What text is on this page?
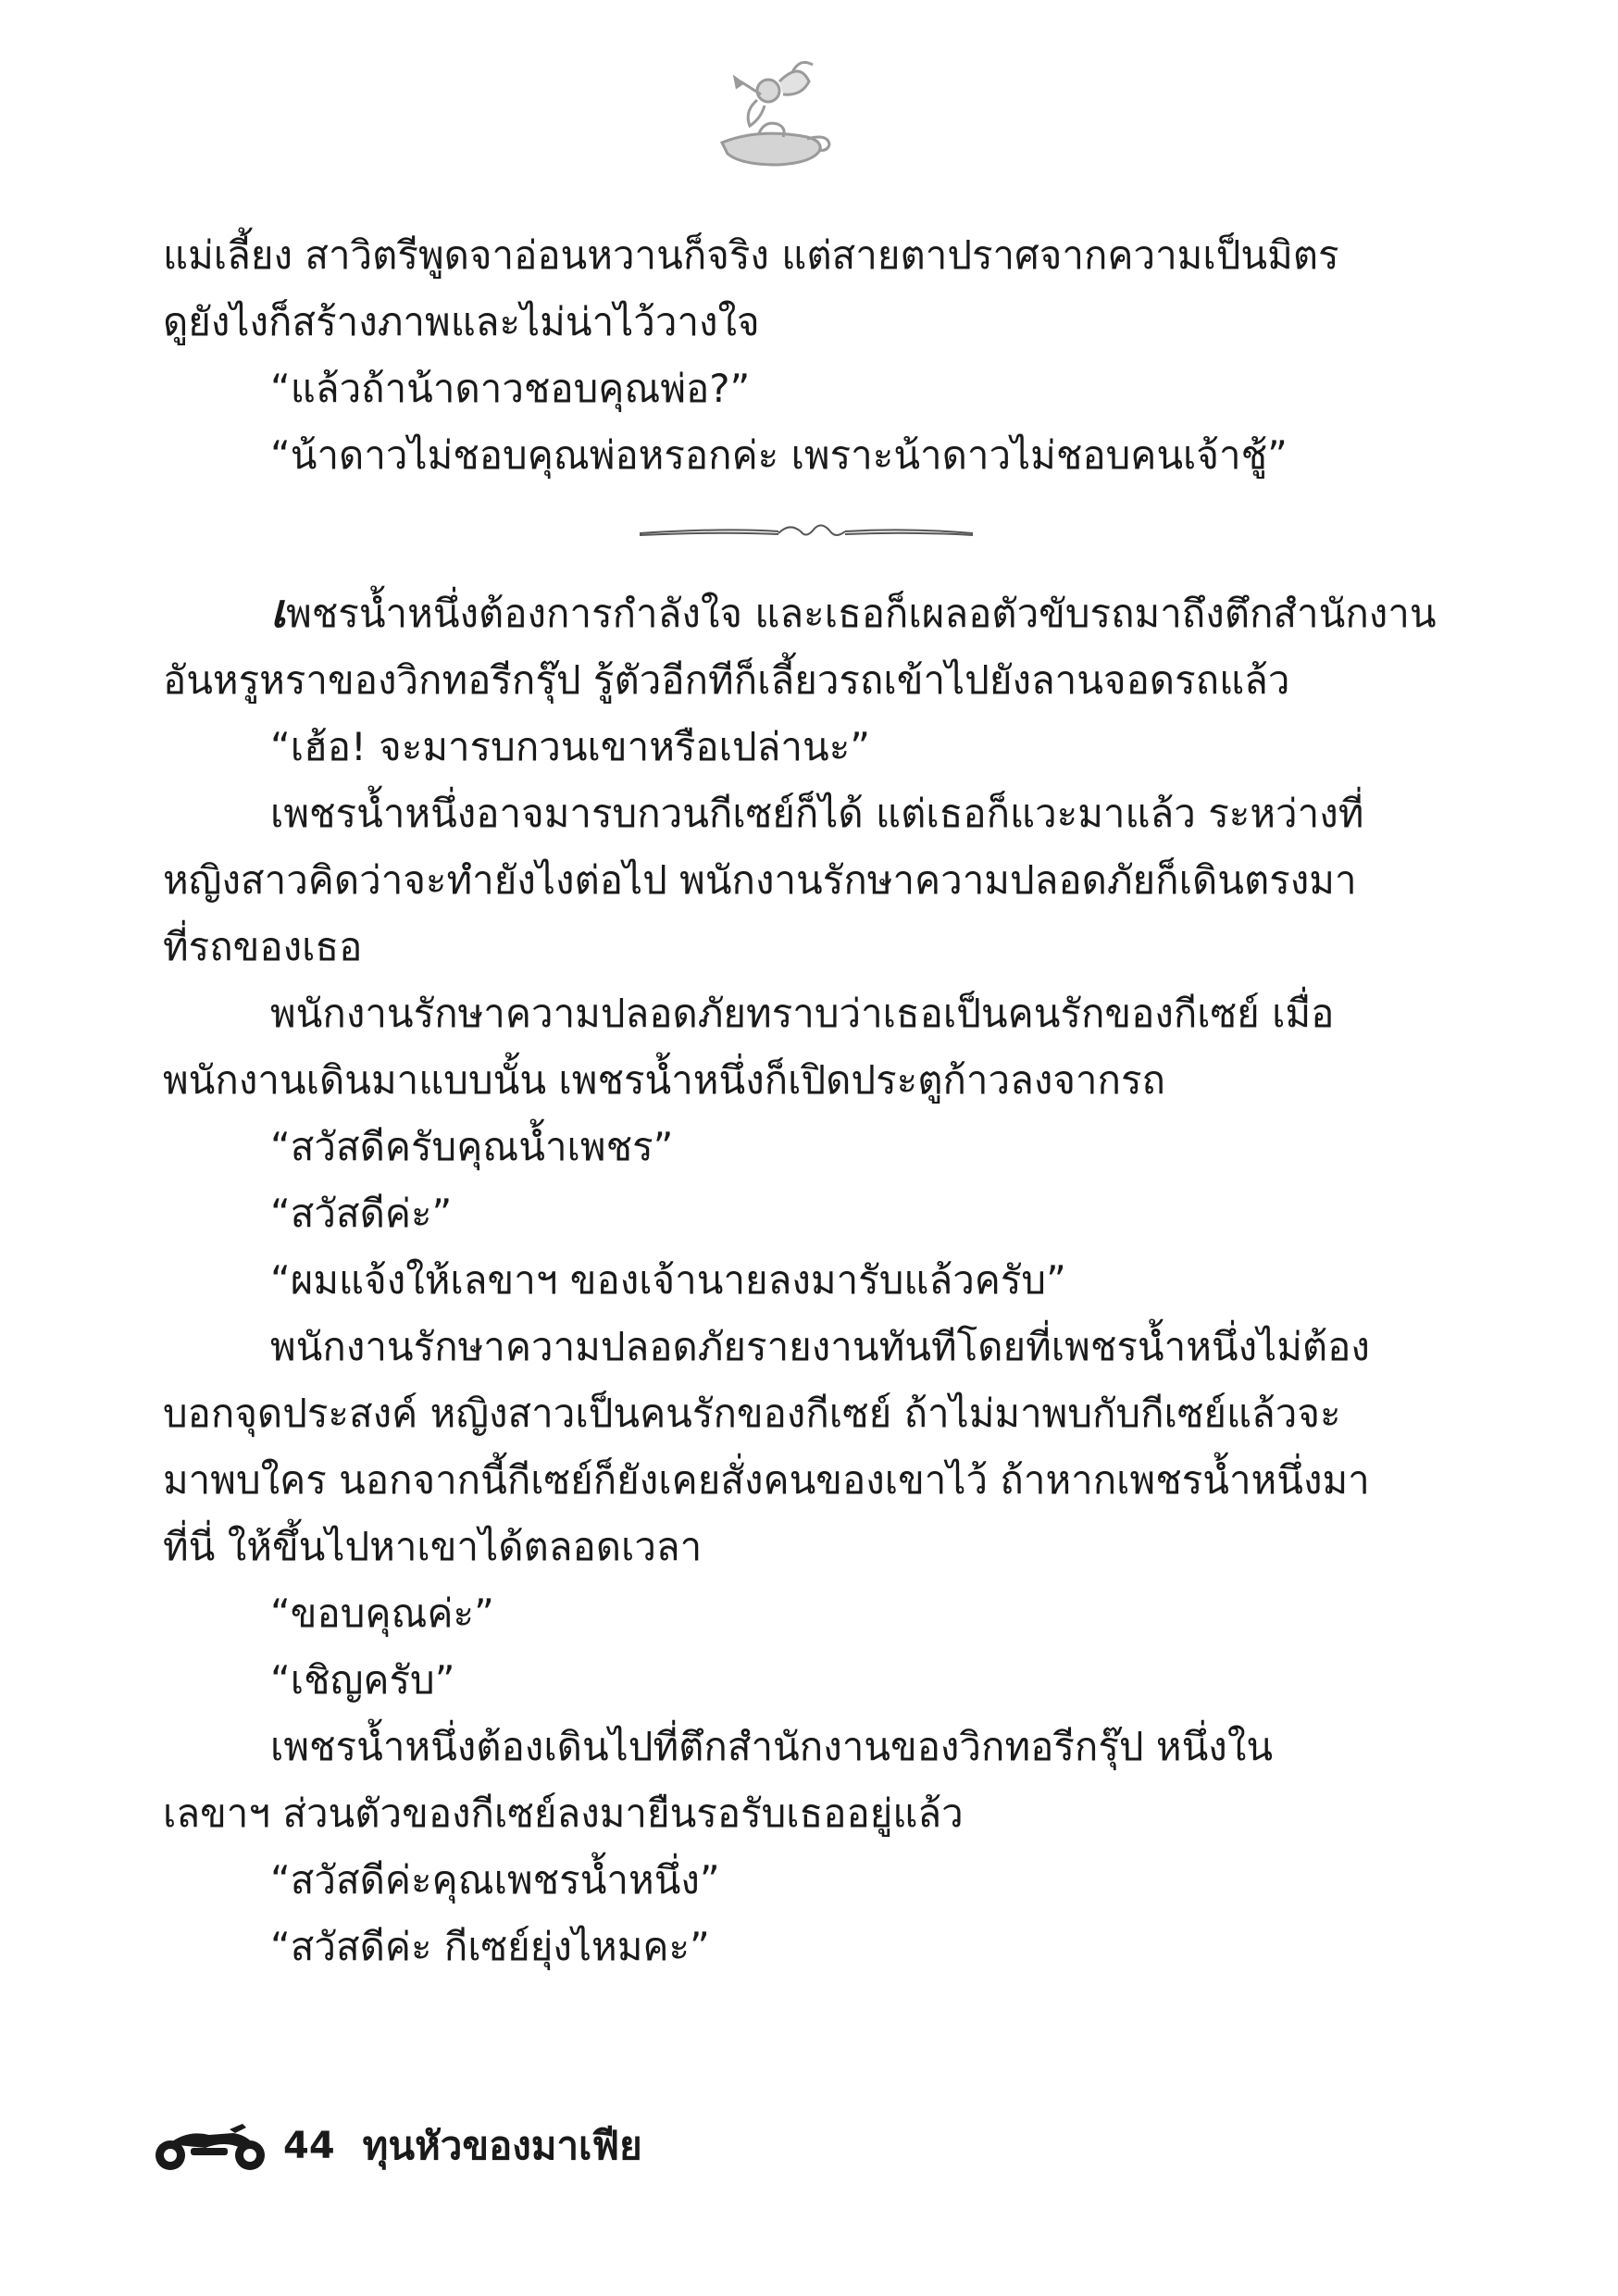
แม่เลี้ยง สาวิตรีพูดจาอ่อนหวานก็จริง แต่สายตาปราศจากความเป็นมิตร

ดูยังไงก็สร้างภาพและไม่น่าไว้วางใจ

“แล้วถ้าน้าดาวชอบคุณพ่อ?”

“น้าดาวไม่ชอบคุณพ่อหรอกค่ะ เพราะน้าดาวไม่ชอบคนเจ้าชู้”

เพชรน้ำหนึ่งต้องการกำลังใจ และเธอก็เผลอตัวขับรถมาถึงตึกสำนักงาน

อันหรูหราของวิกทอรีกรุ๊ป รู้ตัวอีกทีก็เลี้ยวรถเข้าไปยังลานจอดรถแล้ว

“เฮ้อ! จะมารบกวนเขาหรือเปล่านะ”

เพชรน้ำหนึ่งอาจมารบกวนกีเซย์ก็ได้ แต่เธอก็แวะมาแล้ว ระหว่างที่

หญิงสาวคิดว่าจะทำยังไงต่อไป พนักงานรักษาความปลอดภัยก็เดินตรงมา

ที่รถของเธอ

พนักงานรักษาความปลอดภัยทราบว่าเธอเป็นคนรักของกีเซย์ เมื่อ

พนักงานเดินมาแบบนั้น เพชรน้ำหนึ่งก็เปิดประตูก้าวลงจากรถ

“สวัสดีครับคุณน้ำเพชร”

“สวัสดีค่ะ”

“ผมแจ้งให้เลขาฯ ของเจ้านายลงมารับแล้วครับ”

พนักงานรักษาความปลอดภัยรายงานทันทีโดยที่เพชรน้ำหนึ่งไม่ต้อง

บอกจุดประสงค์ หญิงสาวเป็นคนรักของกีเซย์ ถ้าไม่มาพบกับกีเซย์แล้วจะ

มาพบใคร นอกจากนี้กีเซย์ก็ยังเคยสั่งคนของเขาไว้ ถ้าหากเพชรน้ำหนึ่งมา

ที่นี่ ให้ขึ้นไปหาเขาได้ตลอดเวลา

“ขอบคุณค่ะ”

“เชิญครับ”

เพชรน้ำหนึ่งต้องเดินไปที่ตึกสำนักงานของวิกทอรีกรุ๊ป หนึ่งใน

เลขาฯ ส่วนตัวของกีเซย์ลงมายืนรอรับเธออยู่แล้ว

“สวัสดีค่ะคุณเพชรน้ำหนึ่ง”

“สวัสดีค่ะ กีเซย์ยุ่งไหมคะ”

44 ทุนหัวของมาเฟีย
